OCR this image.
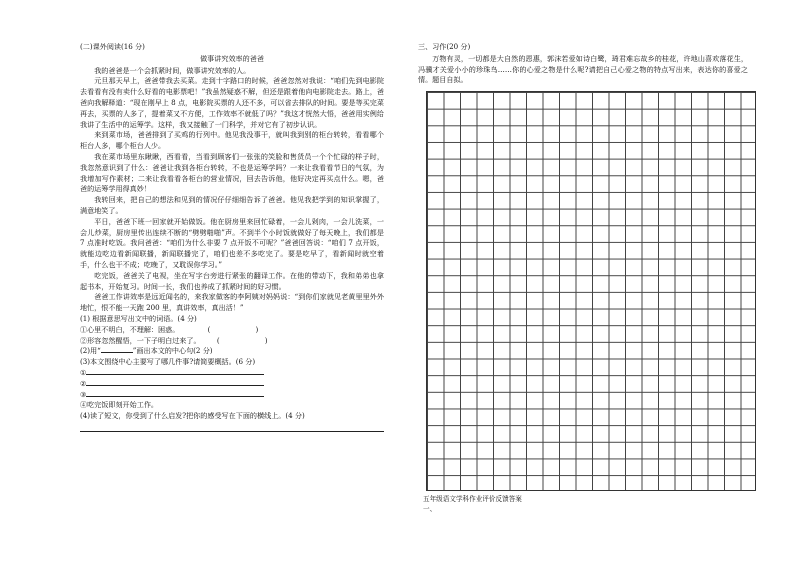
(二)课外阅读(16 分)
做事讲究效率的爸爸
我的爸爸是一个会抓紧时间，做事讲究效率的人。
元旦那天早上，爸爸带我去买菜。走到十字路口的时候，爸爸忽然对我说：“咱们先到电影院去看看有没有卖什么好看的电影票吧！”我虽然疑惑不解，但还是跟着他向电影院走去。路上，爸爸向我解释道：“现在刚早上 8 点，电影院买票的人还不多，可以省去排队的时间。要是等买完菜再去，买票的人多了，提着菜又不方便，工作效率不就低了吗？”我这才恍然大悟，爸爸用实例给我讲了生活中的运筹学。这样，我又接触了一门科学，并对它有了初步认识。
来到菜市场，爸爸排到了买鸡的行列中。他见我没事干，就叫我到别的柜台转转，看看哪个柜台人多，哪个柜台人少。
我在菜市场里东瞅瞅，西看看，当看到顾客们一张张的笑脸和售货员一个个忙碌的样子时，我忽然意识到了什么：爸爸让我到各柜台转转，不也是运筹学吗？一来让我看看节日的气氛，为我增加写作素材；二来让我看看各柜台的营业情况，回去告诉他，他好决定再买点什么。嗯，爸爸的运筹学用得真妙！
我转回来，把自己的想法和见到的情况仔仔细细告诉了爸爸。他见我把学到的知识掌握了，满意地笑了。
平日，爸爸下班一回家就开始做饭。他在厨房里来回忙碌着，一会儿剁肉，一会儿洗菜，一会儿炒菜，厨房里传出连续不断的“劈劈啪啪”声。不到半个小时饭就做好了每天晚上，我们都是 7 点准时吃饭。我问爸爸：“咱们为什么非要 7 点开饭不可呢？”爸爸回答说：“咱们 7 点开饭，就能边吃边看新闻联播，新闻联播完了，咱们也差不多吃完了。要是吃早了，看新闻时就空着手，什么也干不成；吃晚了，又耽误你学习。”
吃完饭，爸爸关了电视，坐在写字台旁进行紧张的翻译工作。在他的带动下，我和弟弟也拿起书本，开始复习。时间一长，我们也养成了抓紧时间的好习惯。
爸爸工作讲效率是远近闻名的，来我家做客的李阿姨对妈妈说：“到你们家就见老黄里里外外地忙，恨不能一天跑 200 里，真讲效率，真出活！”
(1) 根据意思写出文中的词语。(4 分)
①心里不明白，不理解：困惑。	(                    )
②形容忽然醒悟，一下子明白过来了。 (                    )
(2)用“	”画出本文的中心句(2 分)
(3)本文围绕中心主要写了哪几件事?请简要概括。(6 分)
①
②
③
④吃完饭即刻开始工作。
(4)读了短文，你受到了什么启发?把你的感受写在下面的横线上。(4 分)
三、习作(20 分)
万物有灵，一切都是大自然的恩惠，郭沫若爱如诗白鹭，琦君难忘故乡的桂花，许地山喜欢落花生，冯骥才关爱小小的珍珠鸟……你的心爱之物是什么呢?请把自己心爱之物的特点写出来，表达你的喜爱之情。题目自拟。
五年级语文学科作业评价反馈答案
一、
